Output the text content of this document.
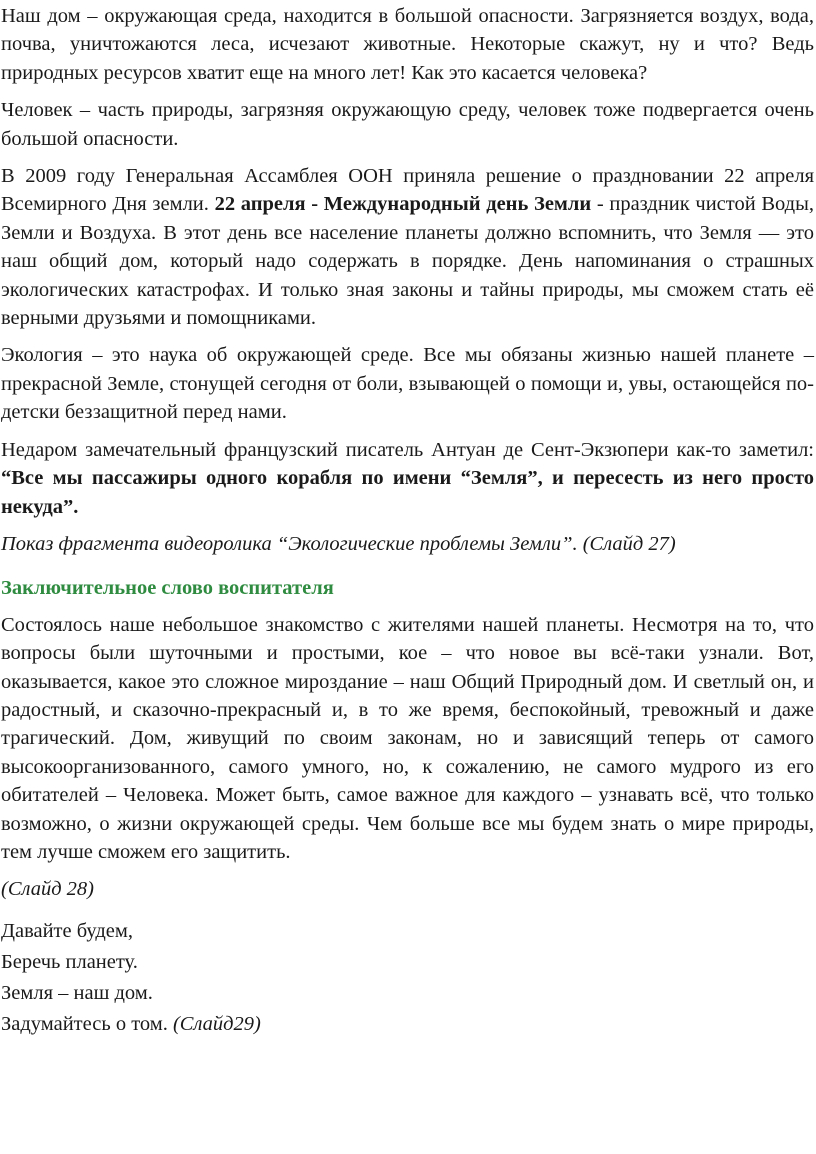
Наш дом – окружающая среда, находится в большой опасности. Загрязняется воздух, вода, почва, уничтожаются леса, исчезают животные. Некоторые скажут, ну и что? Ведь природных ресурсов хватит еще на много лет! Как это касается человека?

Человек – часть природы, загрязняя окружающую среду, человек тоже подвергается очень большой опасности.

В 2009 году Генеральная Ассамблея ООН приняла решение о праздновании 22 апреля Всемирного Дня земли. 22 апреля - Международный день Земли - праздник чистой Воды, Земли и Воздуха. В этот день все население планеты должно вспомнить, что Земля — это наш общий дом, который надо содержать в порядке. День напоминания о страшных экологических катастрофах. И только зная законы и тайны природы, мы сможем стать её верными друзьями и помощниками.

Экология – это наука об окружающей среде. Все мы обязаны жизнью нашей планете – прекрасной Земле, стонущей сегодня от боли, взывающей о помощи и, увы, остающейся по-детски беззащитной перед нами.

Недаром замечательный французский писатель Антуан де Сент-Экзюпери как-то заметил: “Все мы пассажиры одного корабля по имени “Земля”, и пересесть из него просто некуда”.

Показ фрагмента видеоролика “Экологические проблемы Земли”. (Слайд 27)

Заключительное слово воспитателя

Состоялось наше небольшое знакомство с жителями нашей планеты. Несмотря на то, что вопросы были шуточными и простыми, кое – что новое вы всё-таки узнали. Вот, оказывается, какое это сложное мироздание – наш Общий Природный дом. И светлый он, и радостный, и сказочно-прекрасный и, в то же время, беспокойный, тревожный и даже трагический. Дом, живущий по своим законам, но и зависящий теперь от самого высокоорганизованного, самого умного, но, к сожалению, не самого мудрого из его обитателей – Человека. Может быть, самое важное для каждого – узнавать всё, что только возможно, о жизни окружающей среды. Чем больше все мы будем знать о мире природы, тем лучше сможем его защитить.

(Слайд 28)

Давайте будем,

Беречь планету.

Земля – наш дом.

Задумайтесь о том. (Слайд29)
